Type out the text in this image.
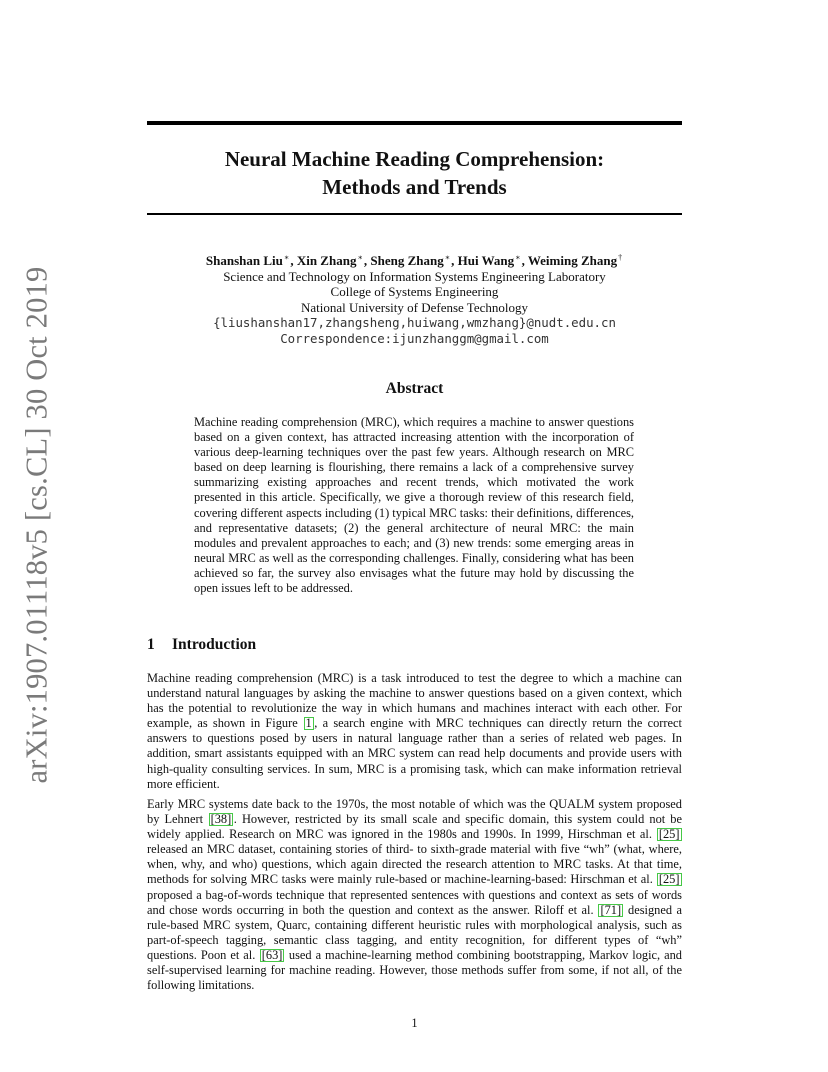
arXiv:1907.01118v5 [cs.CL] 30 Oct 2019
Neural Machine Reading Comprehension:
Methods and Trends
Shanshan Liu∗, Xin Zhang∗, Sheng Zhang∗, Hui Wang∗, Weiming Zhang†
Science and Technology on Information Systems Engineering Laboratory
College of Systems Engineering
National University of Defense Technology
{liushanshan17,zhangsheng,huiwang,wmzhang}@nudt.edu.cn
Correspondence:ijunzhanggm@gmail.com
Abstract
Machine reading comprehension (MRC), which requires a machine to answer questions based on a given context, has attracted increasing attention with the incorporation of various deep-learning techniques over the past few years. Although research on MRC based on deep learning is flourishing, there remains a lack of a comprehensive survey summarizing existing approaches and recent trends, which motivated the work presented in this article. Specifically, we give a thorough review of this research field, covering different aspects including (1) typical MRC tasks: their definitions, differences, and representative datasets; (2) the general architecture of neural MRC: the main modules and prevalent approaches to each; and (3) new trends: some emerging areas in neural MRC as well as the corresponding challenges. Finally, considering what has been achieved so far, the survey also envisages what the future may hold by discussing the open issues left to be addressed.
1 Introduction
Machine reading comprehension (MRC) is a task introduced to test the degree to which a machine can understand natural languages by asking the machine to answer questions based on a given context, which has the potential to revolutionize the way in which humans and machines interact with each other. For example, as shown in Figure 1 , a search engine with MRC techniques can directly return the correct answers to questions posed by users in natural language rather than a series of related web pages. In addition, smart assistants equipped with an MRC system can read help documents and provide users with high-quality consulting services. In sum, MRC is a promising task, which can make information retrieval more efficient.
Early MRC systems date back to the 1970s, the most notable of which was the QUALM system proposed by Lehnert [38] . However, restricted by its small scale and specific domain, this system could not be widely applied. Research on MRC was ignored in the 1980s and 1990s. In 1999, Hirschman et al. [25] released an MRC dataset, containing stories of third- to sixth-grade material with five “wh” (what, where, when, why, and who) questions, which again directed the research attention to MRC tasks. At that time, methods for solving MRC tasks were mainly rule-based or machine-learning-based: Hirschman et al. [25] proposed a bag-of-words technique that represented sentences with questions and context as sets of words and chose words occurring in both the question and context as the answer. Riloff et al. [71] designed a rule-based MRC system, Quarc, containing different heuristic rules with morphological analysis, such as part-of-speech tagging, semantic class tagging, and entity recognition, for different types of “wh” questions. Poon et al. [63] used a machine-learning method combining bootstrapping, Markov logic, and self-supervised learning for machine reading. However, those methods suffer from some, if not all, of the following limitations.
1
